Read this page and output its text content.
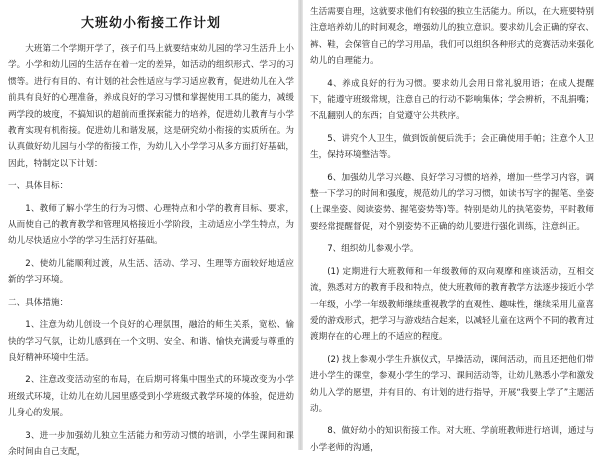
大班幼小衔接工作计划

大班第二个学期开学了，孩子们马上就要结束幼儿园的学习生活升上小学。小学和幼儿园的生活存在着一定的差异，如活动的组织形式、学习的习惯等。进行有目的、有计划的社会性适应与学习适应教育，促进幼儿在入学前具有良好的心理准备，养成良好的学习习惯和掌握使用工具的能力，减缓两学段的坡度，不搞知识的超前而重探索能力的培养，促进幼儿教育与小学教育实现有机衔接。促进幼儿和谐发展，这是研究幼小衔接的实质所在。为认真做好幼儿园与小学的衔接工作，为幼儿入小学学习从多方面打好基础，因此，特制定以下计划：

一、具体目标：

1、教师了解小学生的行为习惯、心理特点和小学的教育目标、要求，从而使自己的教育教学和管理风格接近小学阶段，主动适应小学生特点，为幼儿尽快适应小学的学习生活打好基础。

2、使幼儿能顺利过渡，从生活、活动、学习、生理等方面较好地适应新的学习环境。

二、具体措施：

1、注意为幼儿创设一个良好的心理氛围，融洽的师生关系，宽松、愉快的学习气氛，让幼儿感到在一个文明、安全、和谐、愉快充满爱与尊重的良好精神环境中生活。

2、注意改变活动室的布局，在后期可将集中围坐式的环境改变为小学班级式环境，让幼儿在幼儿园里感受到小学班级式教学环境的体验，促进幼儿身心的发展。

3、进一步加强幼儿独立生活能力和劳动习惯的培训，小学生课间和课余时间由自己支配，

生活需要自理，这就要求他们有较强的独立生活能力。所以，在大班要特别注意培养幼儿的时间观念，增强幼儿的独立意识。要求幼儿会正确的穿衣、裤、鞋，会保管自己的学习用品，我们可以组织各种形式的竞赛活动来强化幼儿的自理能力。

4、养成良好的行为习惯。要求幼儿会用日常礼貌用语；在成人提醒下，能遵守班级常规，注意自己的行动不影响集体；学会辨析，不乱捐嘴；不乱翻别人的东西；自觉遵守公共秩序。

5、讲究个人卫生，做到饭前便后洗手；会正确使用手帕；注意个人卫生，保持环境整洁等。

6、加强幼儿学习兴趣、良好学习习惯的培养，增加一些学习内容，调整一下学习的时间和强度，规范幼儿的学习习惯，如读书写字的握笔、坐姿(上课坐姿、阅读姿势、握笔姿势等)等。特别是幼儿的执笔姿势，平时教师要经常提醒督促，对个别姿势不正确的幼儿要进行强化训练，注意纠正。

7、组织幼儿参观小学。

(1) 定期进行大班教师和一年级教师的双向观摩和座谈活动，互相交流，熟悉对方的教育手段和特点，使大班教师的教育教学方法逐步接近小学一年级，小学一年级教师继续重视教学的直观性、趣味性，继续采用儿童喜爱的游戏形式，把学习与游戏结合起来，以减轻儿童在这两个不同的教育过渡期存在的心理上的不适应的程度。

(2) 找上参观小学生升旗仪式，早操活动，课间活动，而且还把他们带进小学生的课堂，参观小学生的学习、课间活动等，让幼儿熟悉小学和激发幼儿入学的愿望，并有目的、有计划的进行指导，开展“我要上学了”主题活动。

8、做好幼小的知识衔接工作。对大班、学前班教师进行培训，通过与小学老师的沟通，
